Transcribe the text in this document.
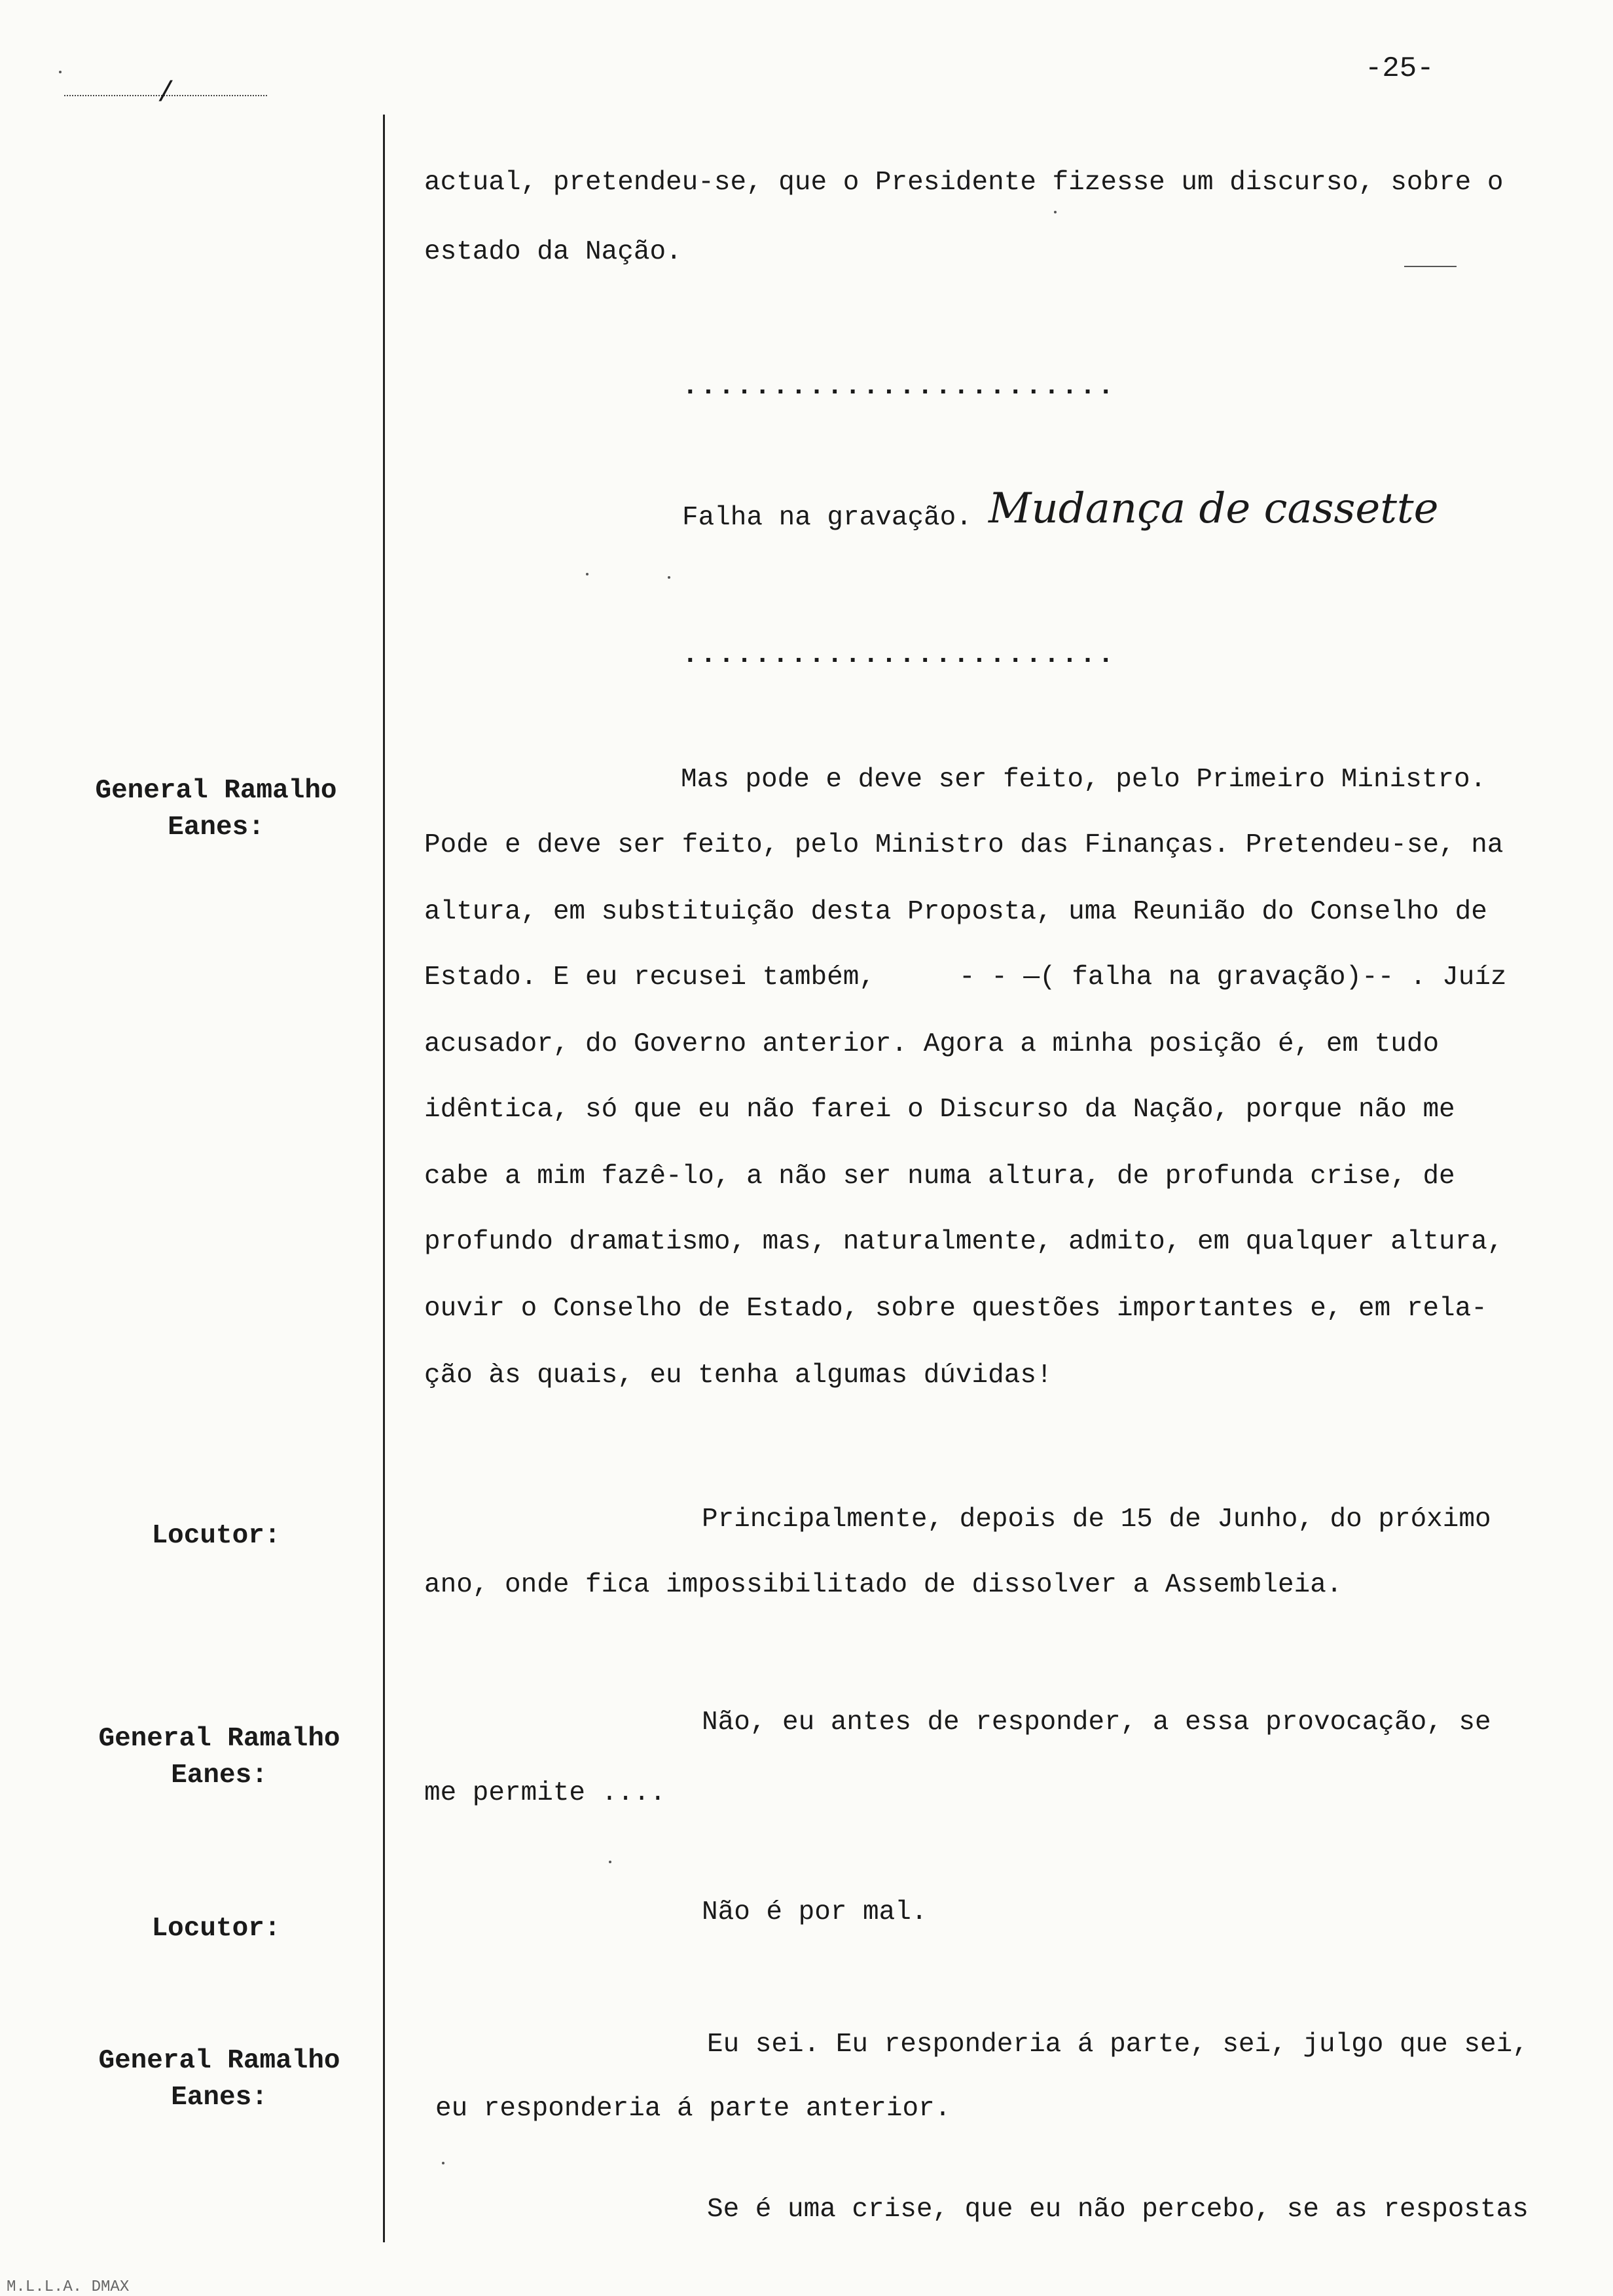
-25-
/
General Ramalho
Eanes:
Locutor:
General Ramalho
Eanes:
Locutor:
General Ramalho
Eanes:
actual, pretendeu-se, que o Presidente fizesse um discurso, sobre o
estado da Nação.
........................
Falha na gravação. Mudança de cassette
........................
Mas pode e deve ser feito, pelo Primeiro Ministro.
Pode e deve ser feito, pelo Ministro das Finanças. Pretendeu-se, na
altura, em substituição desta Proposta, uma Reunião do Conselho de
Estado. E eu recusei também,	- - —( falha na gravação)-- . Juíz
acusador, do Governo anterior. Agora a minha posição é, em tudo
idêntica, só que eu não farei o Discurso da Nação, porque não me
cabe a mim fazê-lo, a não ser numa altura, de profunda crise, de
profundo dramatismo, mas, naturalmente, admito, em qualquer altura,
ouvir o Conselho de Estado, sobre questões importantes e, em rela-
ção às quais, eu tenha algumas dúvidas!
Principalmente, depois de 15 de Junho, do próximo
ano, onde fica impossibilitado de dissolver a Assembleia.
Não, eu antes de responder, a essa provocação, se
me permite ....
Não é por mal.
Eu sei. Eu responderia á parte, sei, julgo que sei,
eu responderia á parte anterior.
Se é uma crise, que eu não percebo, se as respostas
M.L.L.A. DMAX
